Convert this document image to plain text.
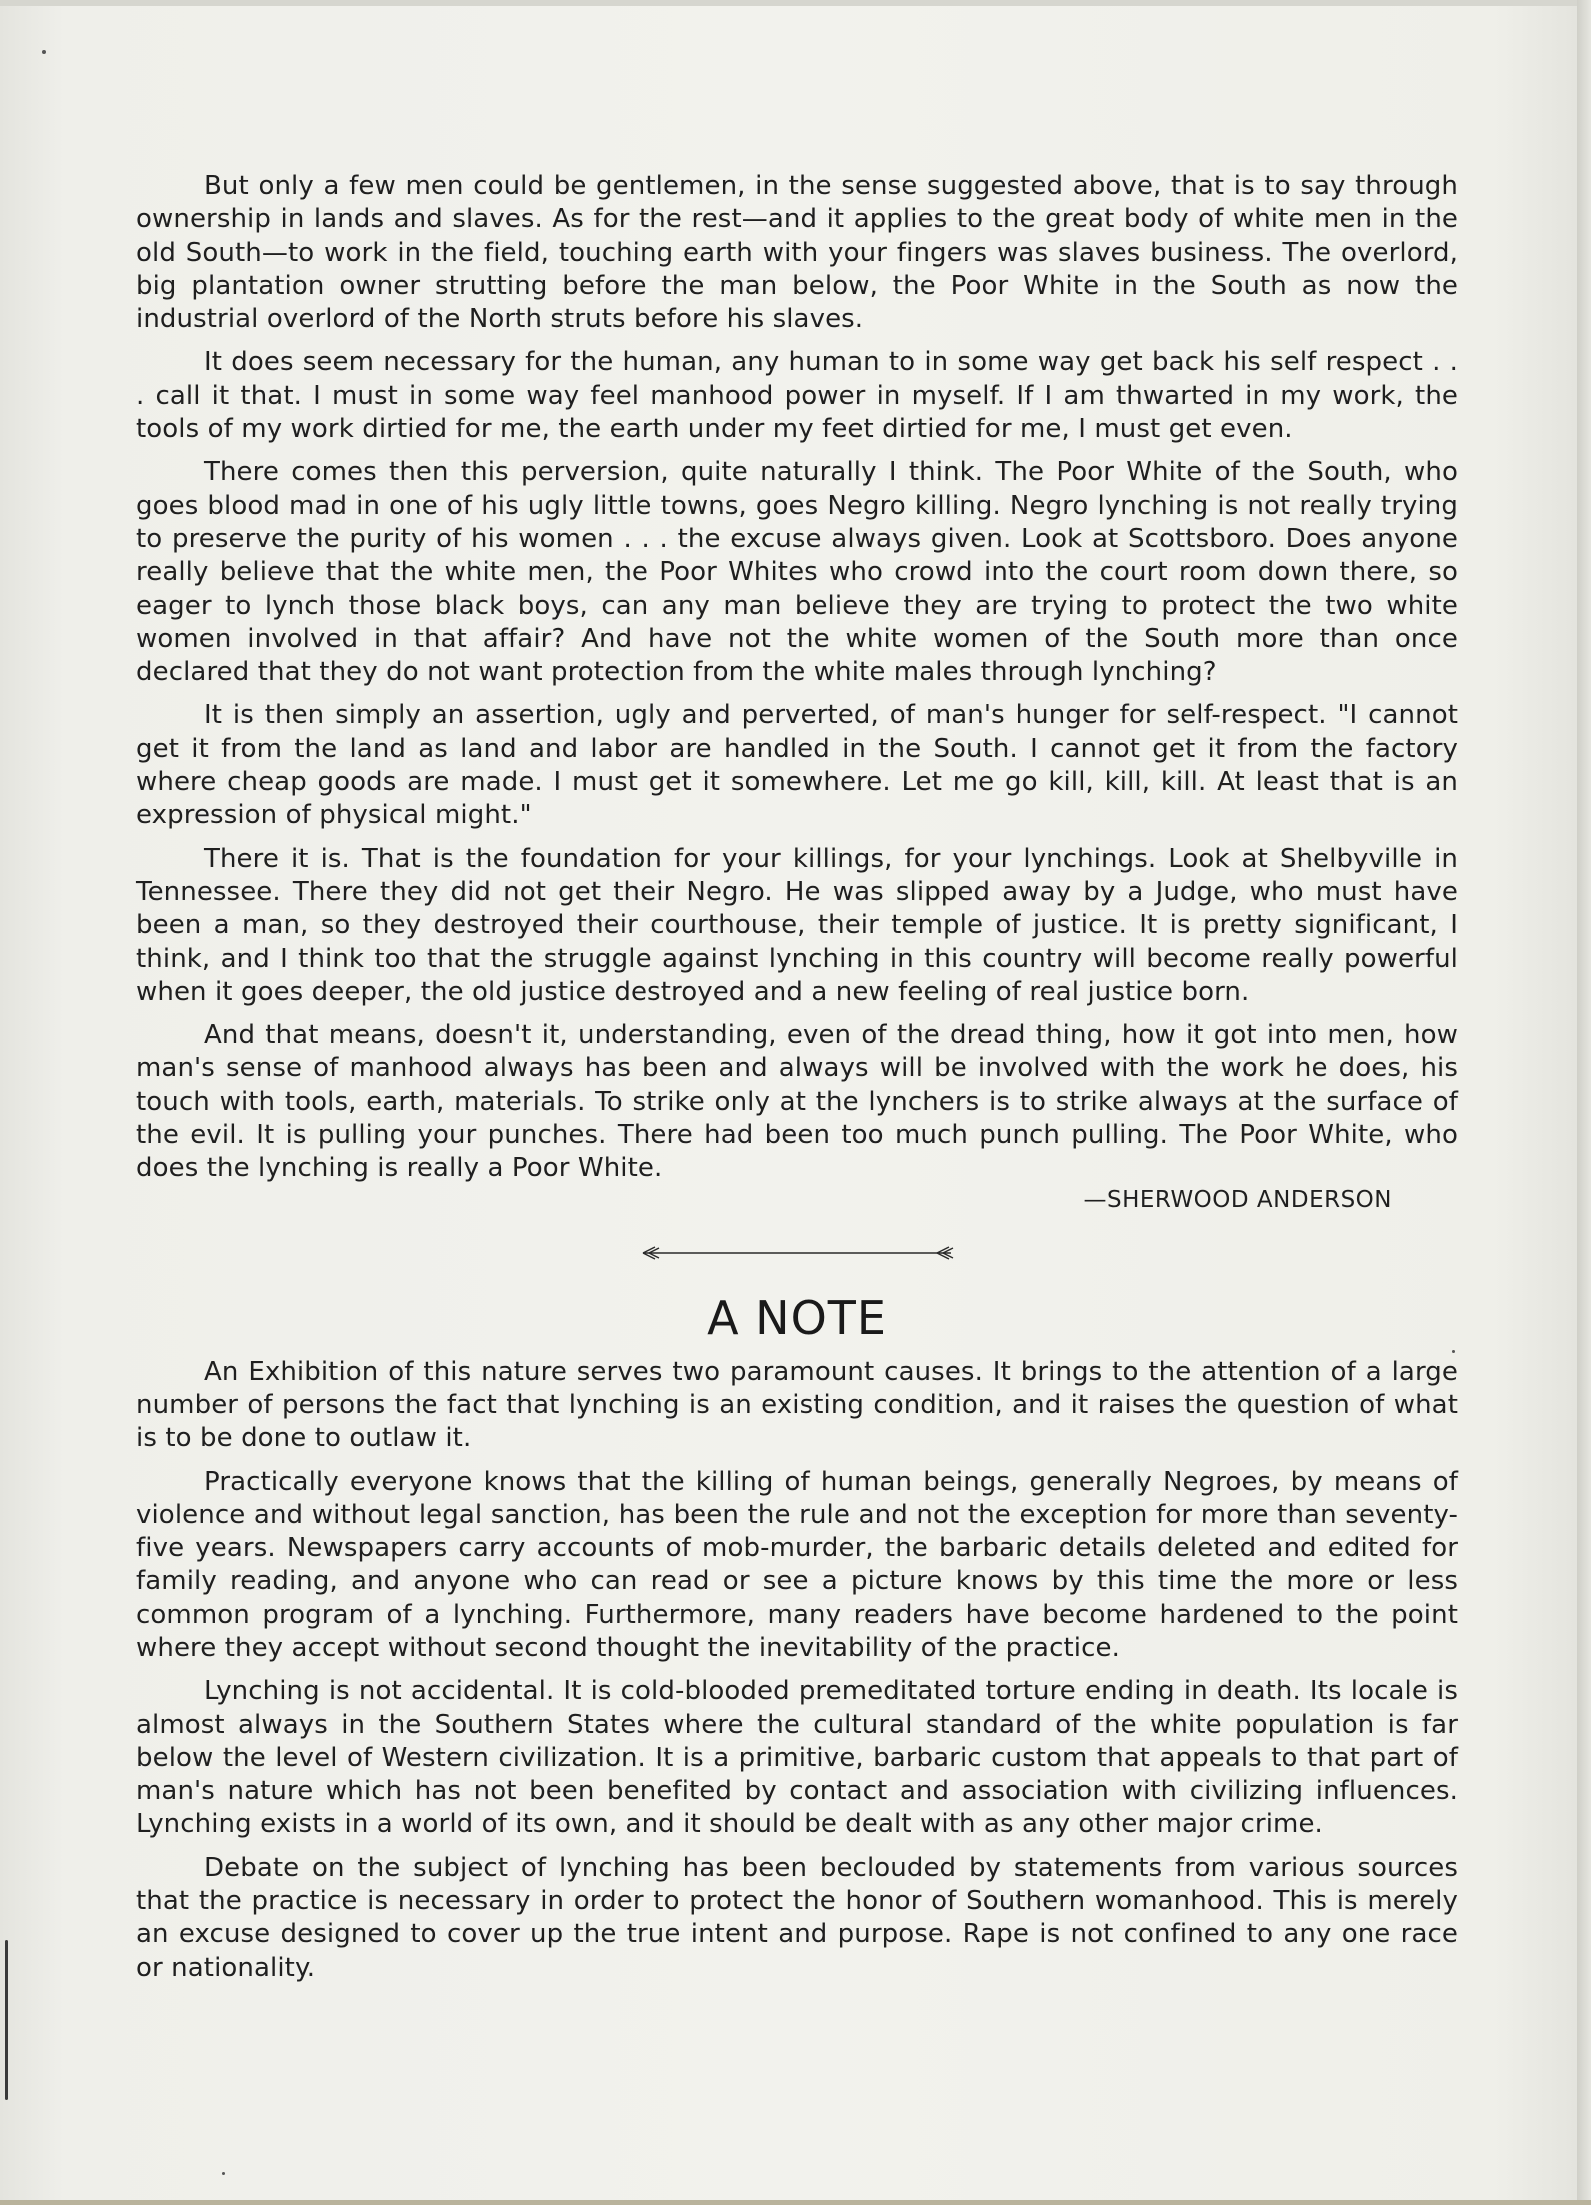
But only a few men could be gentlemen, in the sense suggested above, that is to say through ownership in lands and slaves. As for the rest—and it applies to the great body of white men in the old South—to work in the field, touching earth with your fingers was slaves business. The overlord, big plantation owner strutting before the man below, the Poor White in the South as now the industrial overlord of the North struts before his slaves.

It does seem necessary for the human, any human to in some way get back his self respect . . . call it that. I must in some way feel manhood power in myself. If I am thwarted in my work, the tools of my work dirtied for me, the earth under my feet dirtied for me, I must get even.

There comes then this perversion, quite naturally I think. The Poor White of the South, who goes blood mad in one of his ugly little towns, goes Negro killing. Negro lynching is not really trying to preserve the purity of his women . . . the excuse always given. Look at Scottsboro. Does anyone really believe that the white men, the Poor Whites who crowd into the court room down there, so eager to lynch those black boys, can any man believe they are trying to protect the two white women involved in that affair? And have not the white women of the South more than once declared that they do not want protection from the white males through lynching?

It is then simply an assertion, ugly and perverted, of man's hunger for self-respect. "I cannot get it from the land as land and labor are handled in the South. I cannot get it from the factory where cheap goods are made. I must get it somewhere. Let me go kill, kill, kill. At least that is an expression of physical might."

There it is. That is the foundation for your killings, for your lynchings. Look at Shelbyville in Tennessee. There they did not get their Negro. He was slipped away by a Judge, who must have been a man, so they destroyed their courthouse, their temple of justice. It is pretty significant, I think, and I think too that the struggle against lynching in this country will become really powerful when it goes deeper, the old justice destroyed and a new feeling of real justice born.

And that means, doesn't it, understanding, even of the dread thing, how it got into men, how man's sense of manhood always has been and always will be involved with the work he does, his touch with tools, earth, materials. To strike only at the lynchers is to strike always at the surface of the evil. It is pulling your punches. There had been too much punch pulling. The Poor White, who does the lynching is really a Poor White.

—SHERWOOD ANDERSON
A NOTE

An Exhibition of this nature serves two paramount causes. It brings to the attention of a large number of persons the fact that lynching is an existing condition, and it raises the question of what is to be done to outlaw it.

Practically everyone knows that the killing of human beings, generally Negroes, by means of violence and without legal sanction, has been the rule and not the exception for more than seventy-five years. Newspapers carry accounts of mob-murder, the barbaric details deleted and edited for family reading, and anyone who can read or see a picture knows by this time the more or less common program of a lynching. Furthermore, many readers have become hardened to the point where they accept without second thought the inevitability of the practice.

Lynching is not accidental. It is cold-blooded premeditated torture ending in death. Its locale is almost always in the Southern States where the cultural standard of the white population is far below the level of Western civilization. It is a primitive, barbaric custom that appeals to that part of man's nature which has not been benefited by contact and association with civilizing influences. Lynching exists in a world of its own, and it should be dealt with as any other major crime.

Debate on the subject of lynching has been beclouded by statements from various sources that the practice is necessary in order to protect the honor of Southern womanhood. This is merely an excuse designed to cover up the true intent and purpose. Rape is not confined to any one race or nationality.
